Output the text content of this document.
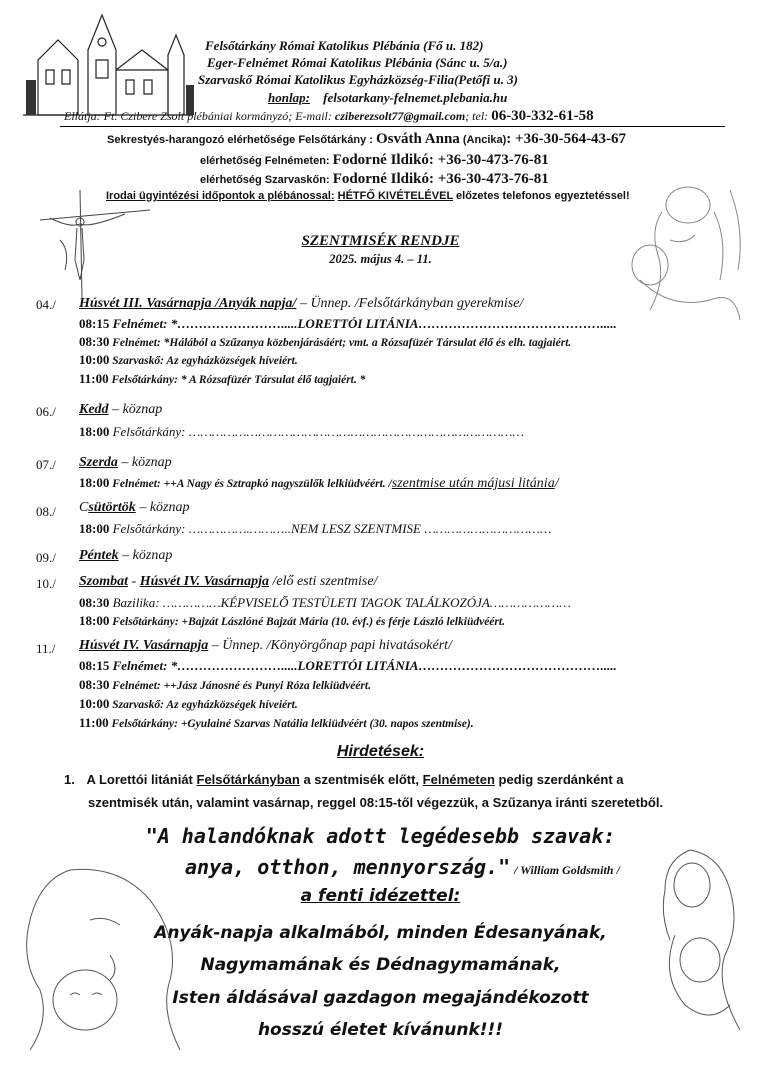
Felsőtárkány Római Katolikus Plébánia (Fő u. 182)
Eger-Felnémet Római Katolikus Plébánia (Sánc u. 5/a.)
Szarvaskő Római Katolikus Egyházközség-Filia(Petőfi u. 3)
honlap: felsotarkany-felnemet.plebania.hu
Ellátja: Ft. Czibere Zsolt plébániai kormányzó; E-mail: cziberezsolt77@gmail.com; tel: 06-30-332-61-58
Sekrestyés-harangozó elérhetősége Felsőtárkány : Osváth Anna (Ancika): +36-30-564-43-67
elérhetőség Felnémeten: Fodorné Ildikó: +36-30-473-76-81
elérhetőség Szarvaskőn: Fodorné Ildikó: +36-30-473-76-81
Irodai ügyintézési időpontok a plébánossal: HÉTFŐ KIVÉTELÉVEL előzetes telefonos egyeztetéssel!
SZENTMISÉK RENDJE
2025. május 4. – 11.
04./ Húsvét III. Vasárnapja /Anyák napja/ – Ünnep. /Felsőtárkányban gyerekmise/
08:15 Felnémet: *…………………….....LORETTÓI LITÁNIA…………………………………….....
08:30 Felnémet: *Hálából a Szűzanya közbenjárásáért; vmt. a Rózsafüzér Társulat élő és elh. tagjaiért.
10:00 Szarvaskő: Az egyházközségek híveiért.
11:00 Felsőtárkány: * A Rózsafüzér Társulat élő tagjaiért. *
06./ Kedd – köznap
18:00 Felsőtárkány: ……………………………………………………………………………
07./ Szerda – köznap
18:00 Felnémet: ++A Nagy és Sztrapkó nagyszülők lelkiüdvéért. /szentmise után májusi litánia/
08./ Csütörtök – köznap
18:00 Felsőtárkány: …………….………..NEM LESZ SZENTMISE ……………………………
09./ Péntek – köznap
10./ Szombat - Húsvét IV. Vasárnapja /elő esti szentmise/
08:30 Bazilika: ……………KÉPVISELŐ TESTÜLETI TAGOK TALÁLKOZÓJA…………………
18:00 Felsőtárkány: +Bajzát Lászlóné Bajzát Mária (10. évf.) és férje László lelkiüdvéért.
11./ Húsvét IV. Vasárnapja – Ünnep. /Könyörgőnap papi hivatásokért/
08:15 Felnémet: *…………………….....LORETTÓI LITÁNIA…………………………………….....
08:30 Felnémet: ++Jász Jánosné és Punyi Róza lelkiüdvéért.
10:00 Szarvaskő: Az egyházközségek híveiért.
11:00 Felsőtárkány: +Gyulainé Szarvas Natália lelkiüdvéért (30. napos szentmise).
Hirdetések:
1. A Lorettói litániát Felsőtárkányban a szentmisék előtt, Felnémeten pedig szerdánként a
szentmisék után, valamint vasárnap, reggel 08:15-től végezzük, a Szűzanya iránti szeretetből.
"A halandóknak adott legédesebb szavak:
anya, otthon, mennyország." / William Goldsmith /
a fenti idézettel:
Anyák-napja alkalmából, minden Édesanyának,
Nagymamának és Dédnagymamának,
Isten áldásával gazdagon megajándékozott
hosszú életet kívánunk!!!
